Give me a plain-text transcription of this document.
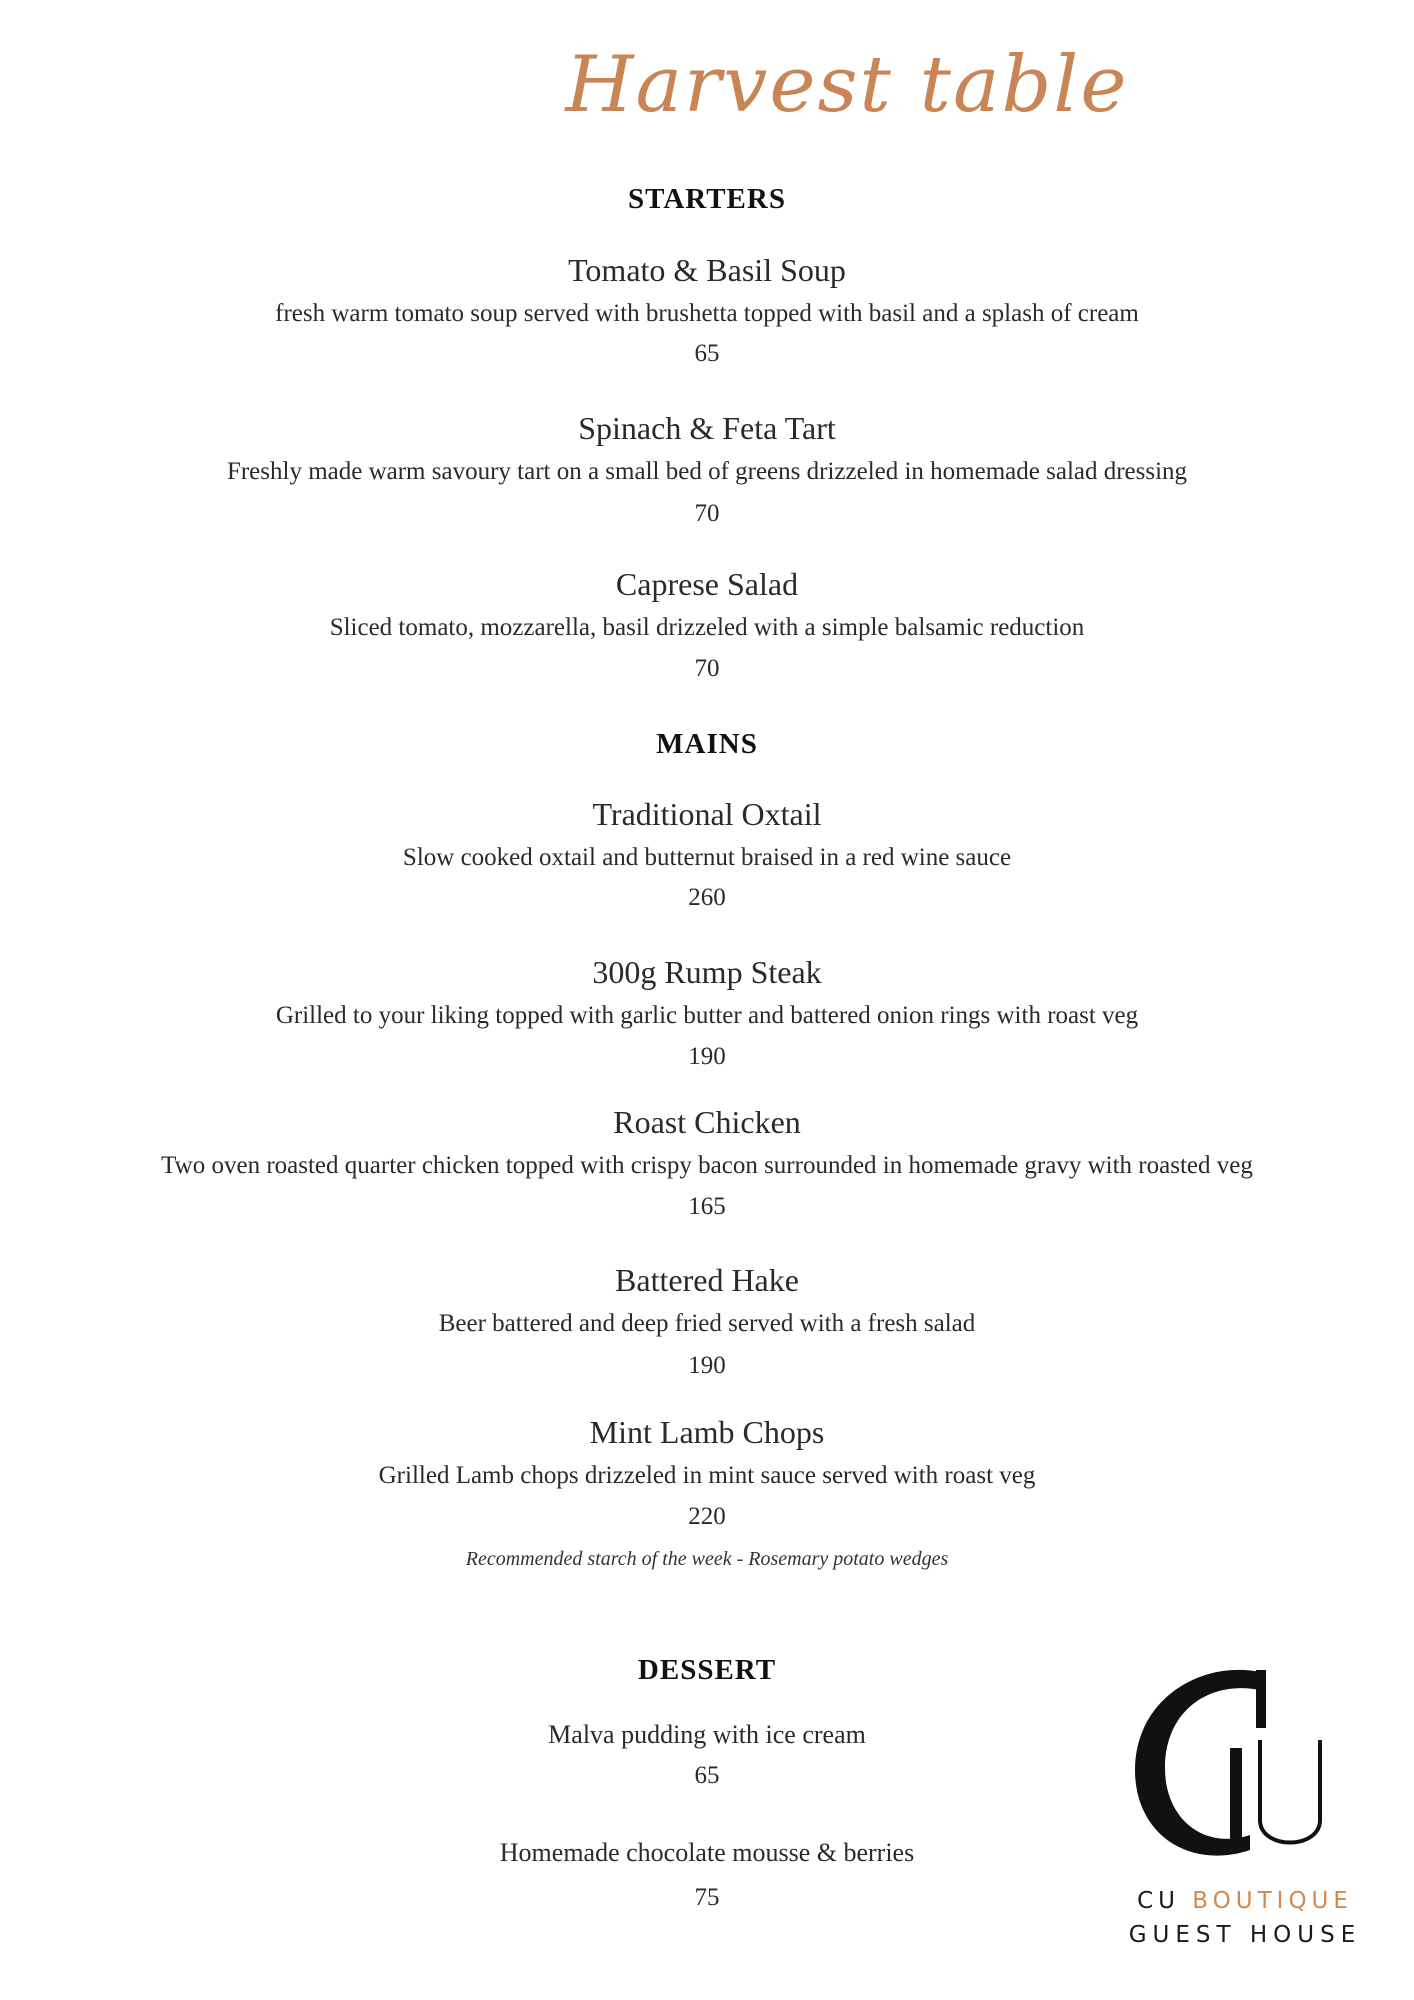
Harvest table
STARTERS
Tomato & Basil Soup
fresh warm tomato soup served with brushetta topped with basil and a splash of cream
65
Spinach & Feta Tart
Freshly made warm savoury tart on a small bed of greens drizzeled in homemade salad dressing
70
Caprese Salad
Sliced tomato, mozzarella, basil drizzeled with a simple balsamic reduction
70
MAINS
Traditional Oxtail
Slow cooked oxtail and butternut braised in a red wine sauce
260
300g Rump Steak
Grilled to your liking topped with garlic butter and battered onion rings with roast veg
190
Roast Chicken
Two oven roasted quarter chicken topped with crispy bacon surrounded in homemade gravy with roasted veg
165
Battered Hake
Beer battered and deep fried served with a fresh salad
190
Mint Lamb Chops
Grilled Lamb chops drizzeled in mint sauce served with roast veg
220
Recommended starch of the week - Rosemary potato wedges
DESSERT
Malva pudding with ice cream
65
Homemade chocolate mousse & berries
75	CU BOUTIQUE
GUEST HOUSE
